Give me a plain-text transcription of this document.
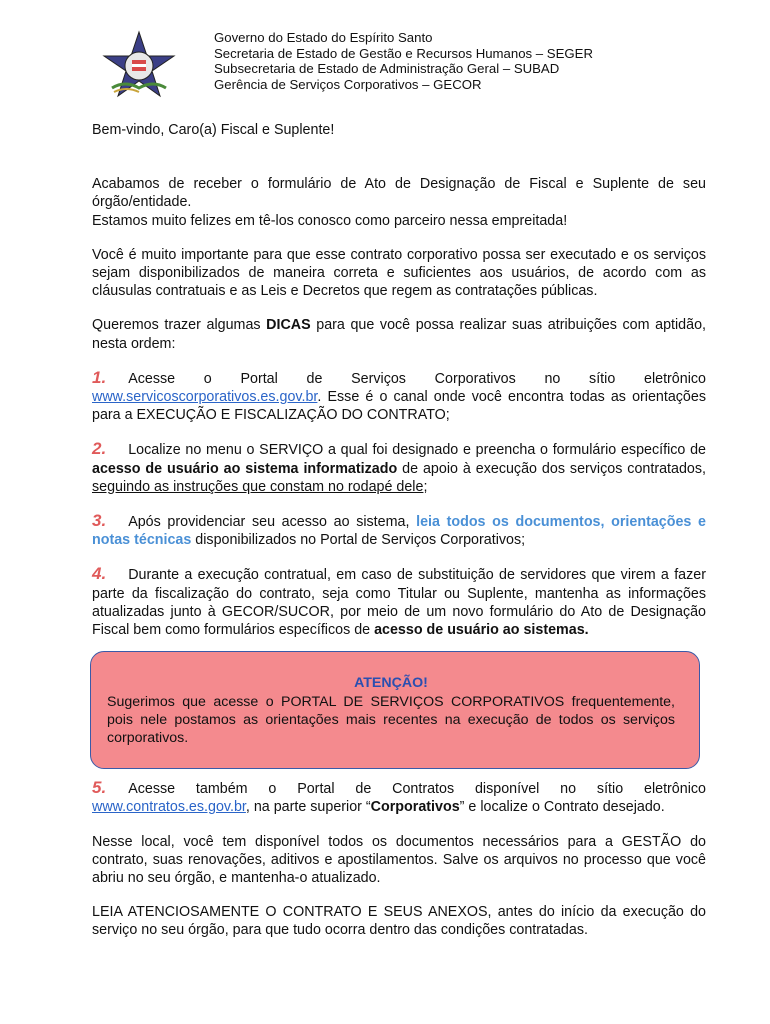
Governo do Estado do Espírito Santo
Secretaria de Estado de Gestão e Recursos Humanos – SEGER
Subsecretaria de Estado de Administração Geral – SUBAD
Gerência de Serviços Corporativos – GECOR

Bem-vindo, Caro(a) Fiscal e Suplente!

Acabamos de receber o formulário de Ato de Designação de Fiscal e Suplente de seu órgão/entidade.

Estamos muito felizes em tê-los conosco como parceiro nessa empreitada!

Você é muito importante para que esse contrato corporativo possa ser executado e os serviços sejam disponibilizados de maneira correta e suficientes aos usuários, de acordo com as cláusulas contratuais e as Leis e Decretos que regem as contratações públicas.

Queremos trazer algumas DICAS para que você possa realizar suas atribuições com aptidão, nesta ordem:

1. Acesse o Portal de Serviços Corporativos no sítio eletrônico www.servicoscorporativos.es.gov.br. Esse é o canal onde você encontra todas as orientações para a EXECUÇÃO E FISCALIZAÇÃO DO CONTRATO;

2. Localize no menu o SERVIÇO a qual foi designado e preencha o formulário específico de acesso de usuário ao sistema informatizado de apoio à execução dos serviços contratados, seguindo as instruções que constam no rodapé dele;

3. Após providenciar seu acesso ao sistema, leia todos os documentos, orientações e notas técnicas disponibilizados no Portal de Serviços Corporativos;

4. Durante a execução contratual, em caso de substituição de servidores que virem a fazer parte da fiscalização do contrato, seja como Titular ou Suplente, mantenha as informações atualizadas junto à GECOR/SUCOR, por meio de um novo formulário do Ato de Designação Fiscal bem como formulários específicos de acesso de usuário ao sistemas.

ATENÇÃO!

Sugerimos que acesse o PORTAL DE SERVIÇOS CORPORATIVOS frequentemente, pois nele postamos as orientações mais recentes na execução de todos os serviços corporativos.

5. Acesse também o Portal de Contratos disponível no sítio eletrônico www.contratos.es.gov.br, na parte superior “Corporativos” e localize o Contrato desejado.

Nesse local, você tem disponível todos os documentos necessários para a GESTÃO do contrato, suas renovações, aditivos e apostilamentos. Salve os arquivos no processo que você abriu no seu órgão, e mantenha-o atualizado.

LEIA ATENCIOSAMENTE O CONTRATO E SEUS ANEXOS, antes do início da execução do serviço no seu órgão, para que tudo ocorra dentro das condições contratadas.
